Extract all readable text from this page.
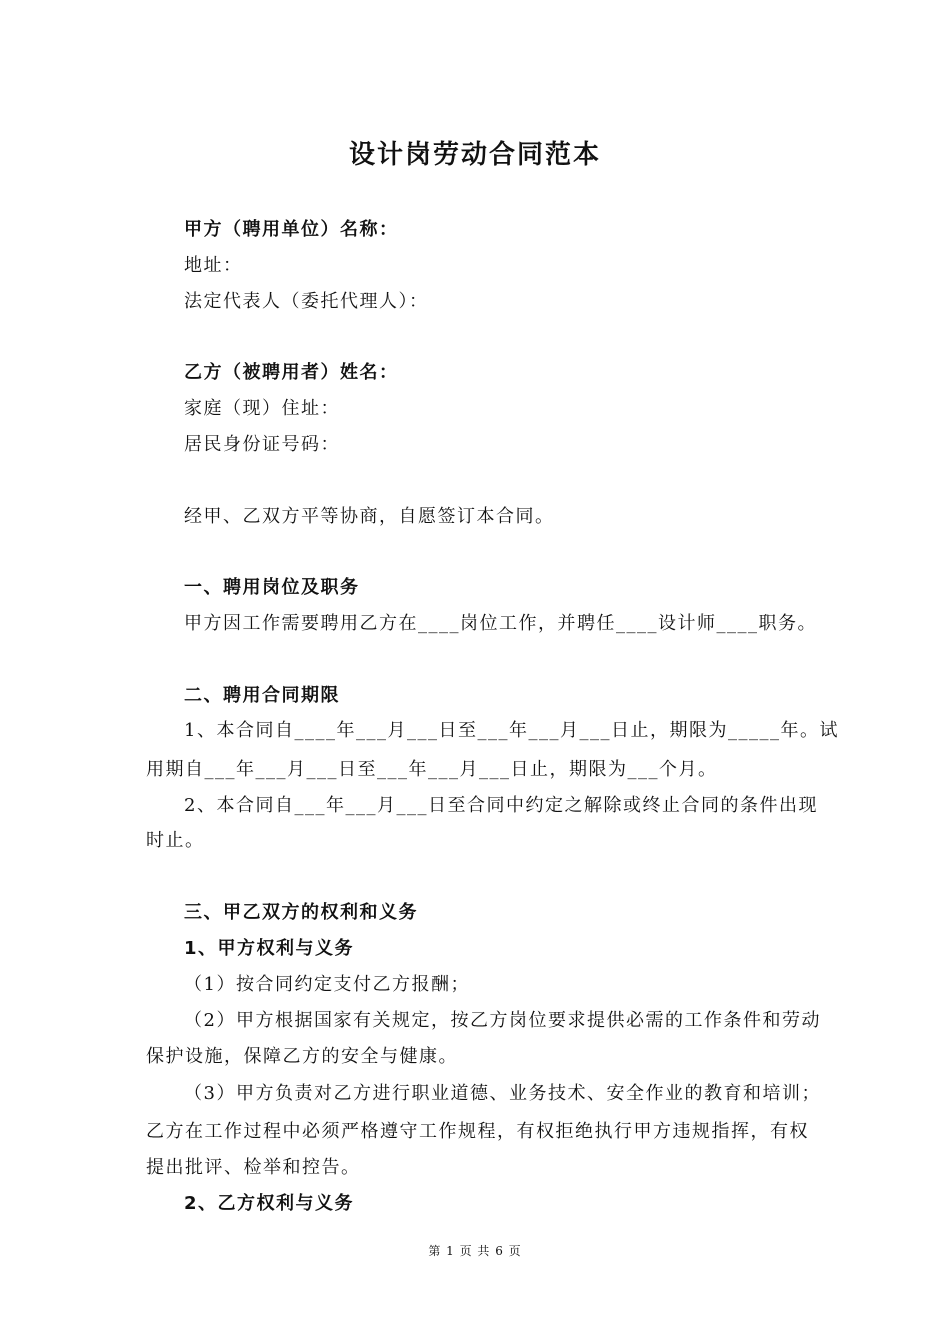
设计岗劳动合同范本
甲方（聘用单位）名称：
地址：
法定代表人（委托代理人）：
乙方（被聘用者）姓名：
家庭（现）住址：
居民身份证号码：
经甲、乙双方平等协商，自愿签订本合同。
一、聘用岗位及职务
甲方因工作需要聘用乙方在____岗位工作，并聘任____设计师____职务。
二、聘用合同期限
1、本合同自____年___月___日至___年___月___日止，期限为_____年。试
用期自___年___月___日至___年___月___日止，期限为___个月。
2、本合同自___年___月___日至合同中约定之解除或终止合同的条件出现
时止。
三、甲乙双方的权利和义务
1、甲方权利与义务
（1）按合同约定支付乙方报酬；
（2）甲方根据国家有关规定，按乙方岗位要求提供必需的工作条件和劳动
保护设施，保障乙方的安全与健康。
（3）甲方负责对乙方进行职业道德、业务技术、安全作业的教育和培训；
乙方在工作过程中必须严格遵守工作规程，有权拒绝执行甲方违规指挥，有权
提出批评、检举和控告。
2、乙方权利与义务
第 1 页 共 6 页
